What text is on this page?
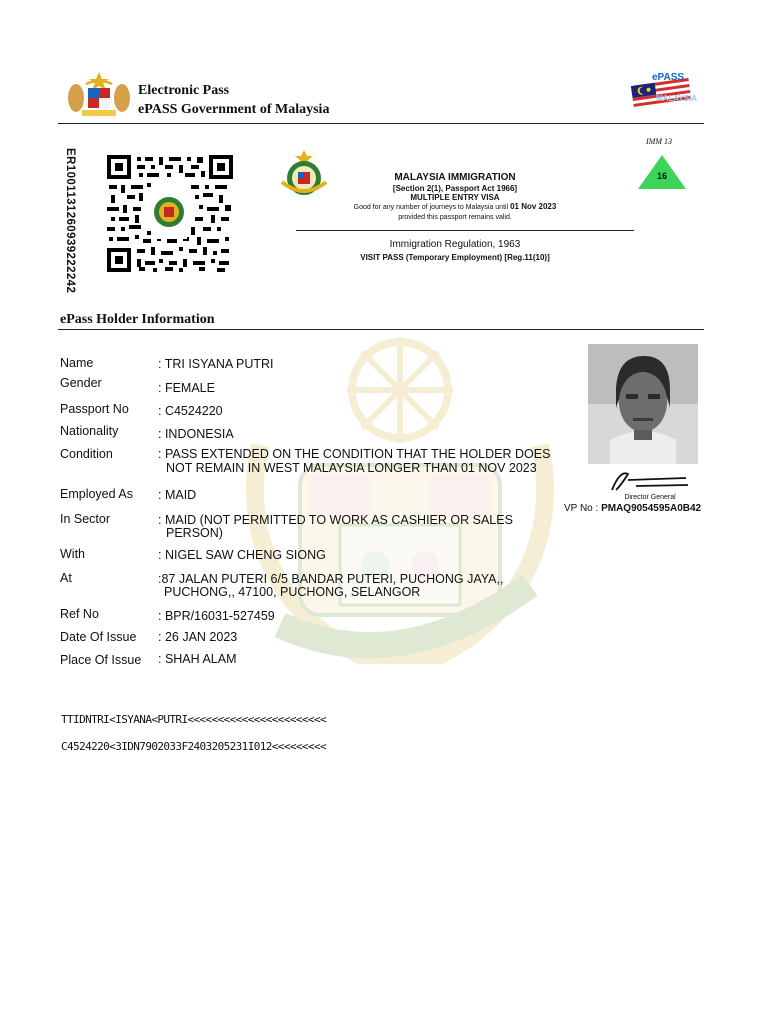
Electronic Pass
ePASS Government of Malaysia
ePASS
MALAYSIA
ER1001131260939222242	MALAYSIA IMMIGRATION
[Section 2(1), Passport Act 1966]
MULTIPLE ENTRY VISA
Good for any number of journeys to Malaysia until 01 Nov 2023
provided this passport remains valid.
Immigration Regulation, 1963
VISIT PASS (Temporary Employment) [Reg.11(10)]
IMM 13
16
ePass Holder Information
Name	: TRI ISYANA PUTRI
Gender	: FEMALE
Passport No : C4524220
Nationality	: INDONESIA
Condition	: PASS EXTENDED ON THE CONDITION THAT THE HOLDER DOES
NOT REMAIN IN WEST MALAYSIA LONGER THAN 01 NOV 2023
Employed As : MAID
In Sector	: MAID (NOT PERMITTED TO WORK AS CASHIER OR SALES
PERSON)
With	: NIGEL SAW CHENG SIONG
At	:87 JALAN PUTERI 6/5 BANDAR PUTERI, PUCHONG JAYA,,
PUCHONG,, 47100, PUCHONG, SELANGOR
Ref No	: BPR/16031-527459
Date Of Issue : 26 JAN 2023
Place Of Issue : SHAH ALAM
Director General
VP No : PMAQ9054595A0B42
TTIDNTRI<ISYANA<PUTRI<<<<<<<<<<<<<<<<<<<<<<<
C4524220<3IDN7902033F2403205231I012<<<<<<<<<
